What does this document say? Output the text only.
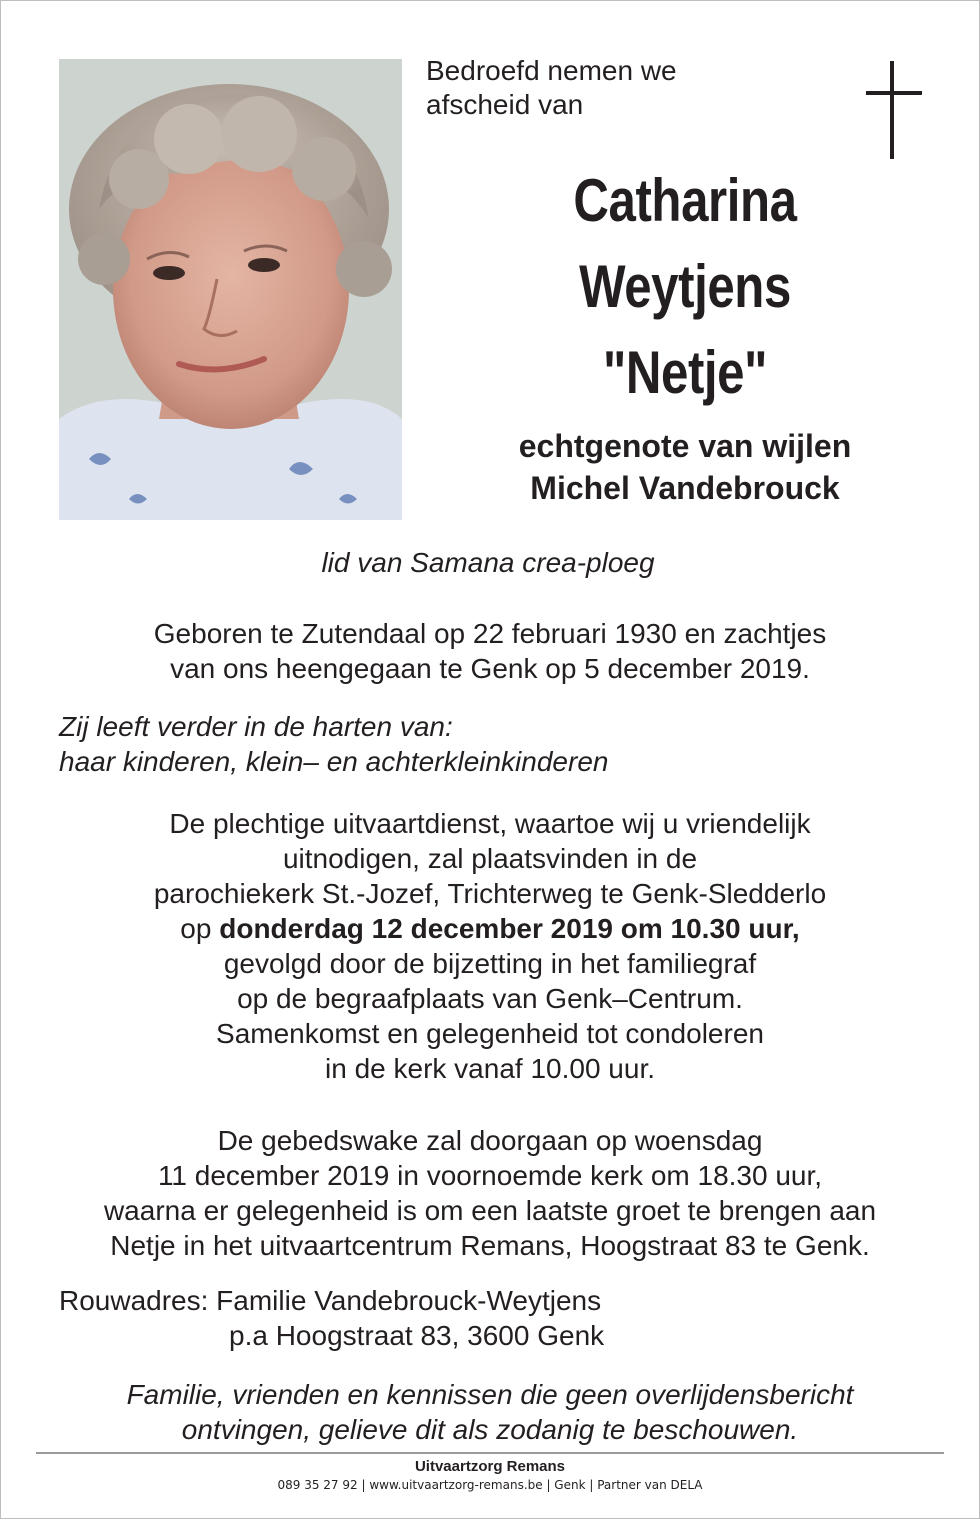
Bedroefd nemen we
afscheid van
Catharina
Weytjens
"Netje"
echtgenote van wijlen
Michel Vandebrouck
lid van Samana crea-ploeg
Geboren te Zutendaal op 22 februari 1930 en zachtjes
van ons heengegaan te Genk op 5 december 2019.
Zij leeft verder in de harten van:
haar kinderen, klein– en achterkleinkinderen
De plechtige uitvaartdienst, waartoe wij u vriendelijk
uitnodigen, zal plaatsvinden in de
parochiekerk St.-Jozef, Trichterweg te Genk-Sledderlo
op donderdag 12 december 2019 om 10.30 uur,
gevolgd door de bijzetting in het familiegraf
op de begraafplaats van Genk–Centrum.
Samenkomst en gelegenheid tot condoleren
in de kerk vanaf 10.00 uur.
De gebedswake zal doorgaan op woensdag
11 december 2019 in voornoemde kerk om 18.30 uur,
waarna er gelegenheid is om een laatste groet te brengen aan
Netje in het uitvaartcentrum Remans, Hoogstraat 83 te Genk.
Rouwadres: Familie Vandebrouck-Weytjens
p.a Hoogstraat 83, 3600 Genk
Familie, vrienden en kennissen die geen overlijdensbericht
ontvingen, gelieve dit als zodanig te beschouwen.
Uitvaartzorg Remans
089 35 27 92 | www.uitvaartzorg-remans.be | Genk | Partner van DELA
